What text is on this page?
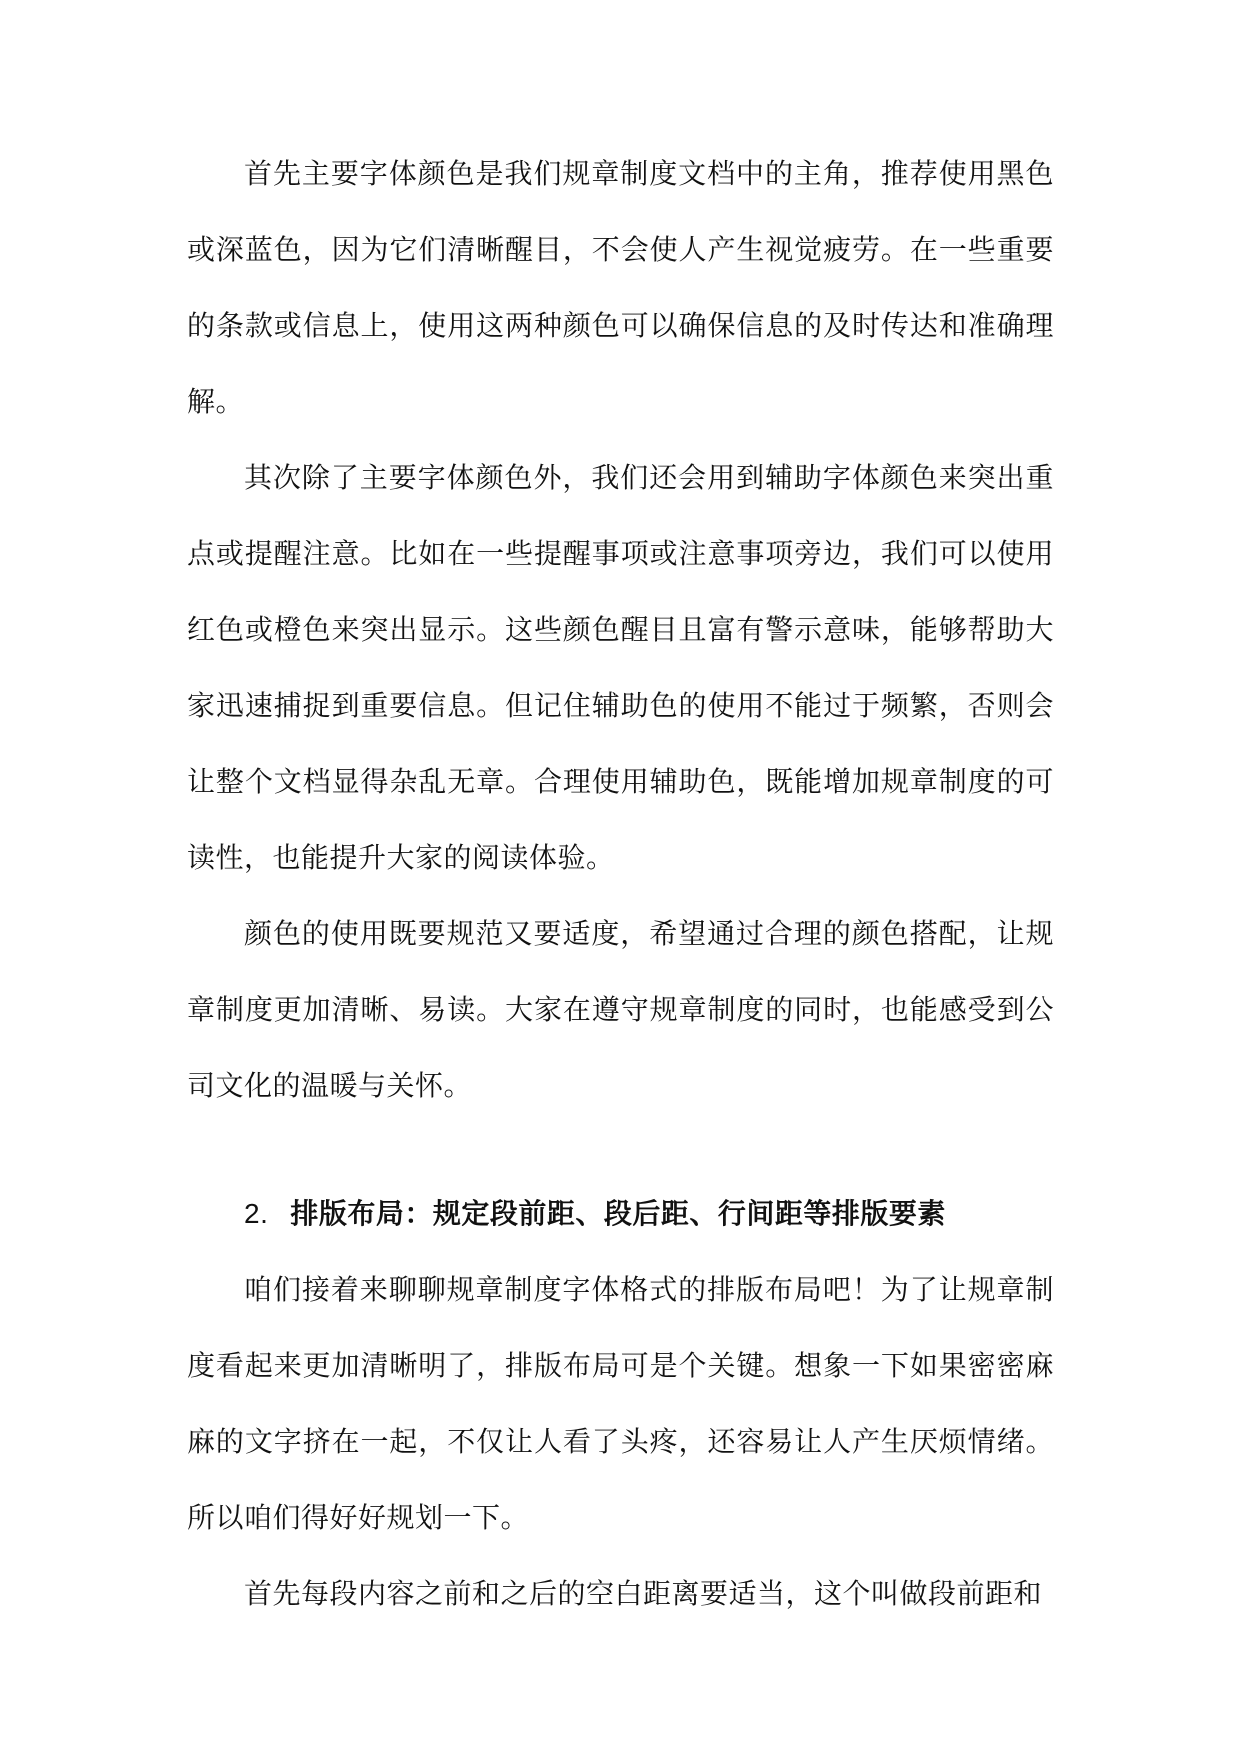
首先主要字体颜色是我们规章制度文档中的主角，推荐使用黑色或深蓝色，因为它们清晰醒目，不会使人产生视觉疲劳。在一些重要的条款或信息上，使用这两种颜色可以确保信息的及时传达和准确理解。

其次除了主要字体颜色外，我们还会用到辅助字体颜色来突出重点或提醒注意。比如在一些提醒事项或注意事项旁边，我们可以使用红色或橙色来突出显示。这些颜色醒目且富有警示意味，能够帮助大家迅速捕捉到重要信息。但记住辅助色的使用不能过于频繁，否则会让整个文档显得杂乱无章。合理使用辅助色，既能增加规章制度的可读性，也能提升大家的阅读体验。

颜色的使用既要规范又要适度，希望通过合理的颜色搭配，让规章制度更加清晰、易读。大家在遵守规章制度的同时，也能感受到公司文化的温暖与关怀。

2. 排版布局：规定段前距、段后距、行间距等排版要素

咱们接着来聊聊规章制度字体格式的排版布局吧！为了让规章制度看起来更加清晰明了，排版布局可是个关键。想象一下如果密密麻麻的文字挤在一起，不仅让人看了头疼，还容易让人产生厌烦情绪。所以咱们得好好规划一下。

首先每段内容之前和之后的空白距离要适当，这个叫做段前距和
